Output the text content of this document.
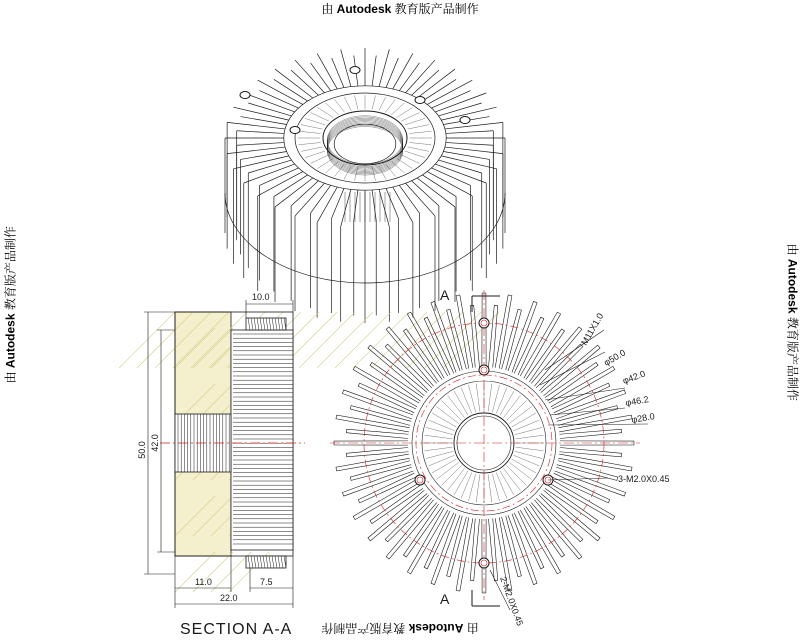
由 Autodesk 教育版产品制作
由 Autodesk 教育版产品制作
由 Autodesk 教育版产品制作	由 Autodesk 教育版产品制作
10.0
50.0 42.0
11.0	7.5
22.0
SECTION A-A
A
A
M11X1.0
φ50.0
φ42.0
φ46.2
φ28.0
3-M2.0X0.45
2-M2.0X0.45
